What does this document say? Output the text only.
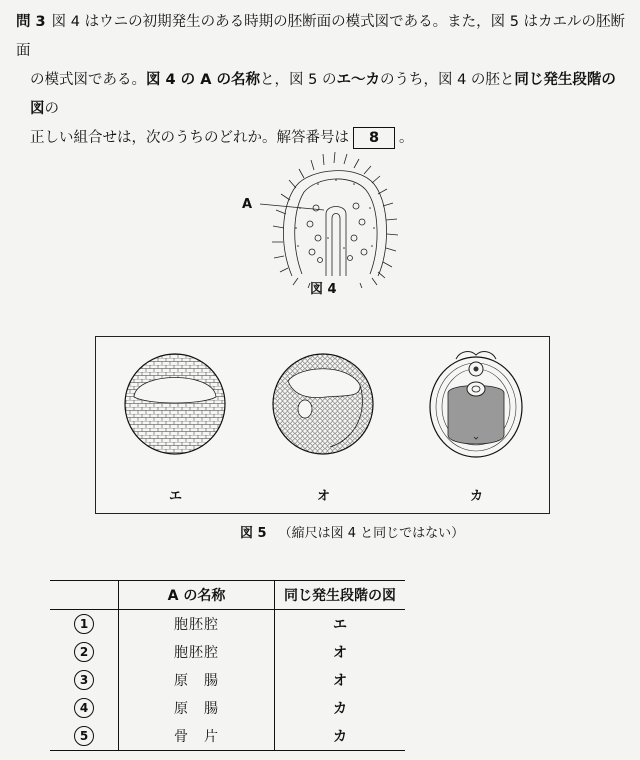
問 3 図 4 はウニの初期発生のある時期の胚断面の模式図である。また，図 5 はカエルの胚断面
の模式図である。図 4 の A の名称と，図 5 のエ～カのうち，図 4 の胚と同じ発生段階の図の
正しい組合せは，次のうちのどれか。解答番号は 8 。
A
図 4
エ	オ	カ
図 5 （縮尺は図 4 と同じではない）
	A の名称	同じ発生段階の図
1	胞胚腔	エ
2	胞胚腔	オ
3	原　腸	オ
4	原　腸	カ
5	骨　片	カ
